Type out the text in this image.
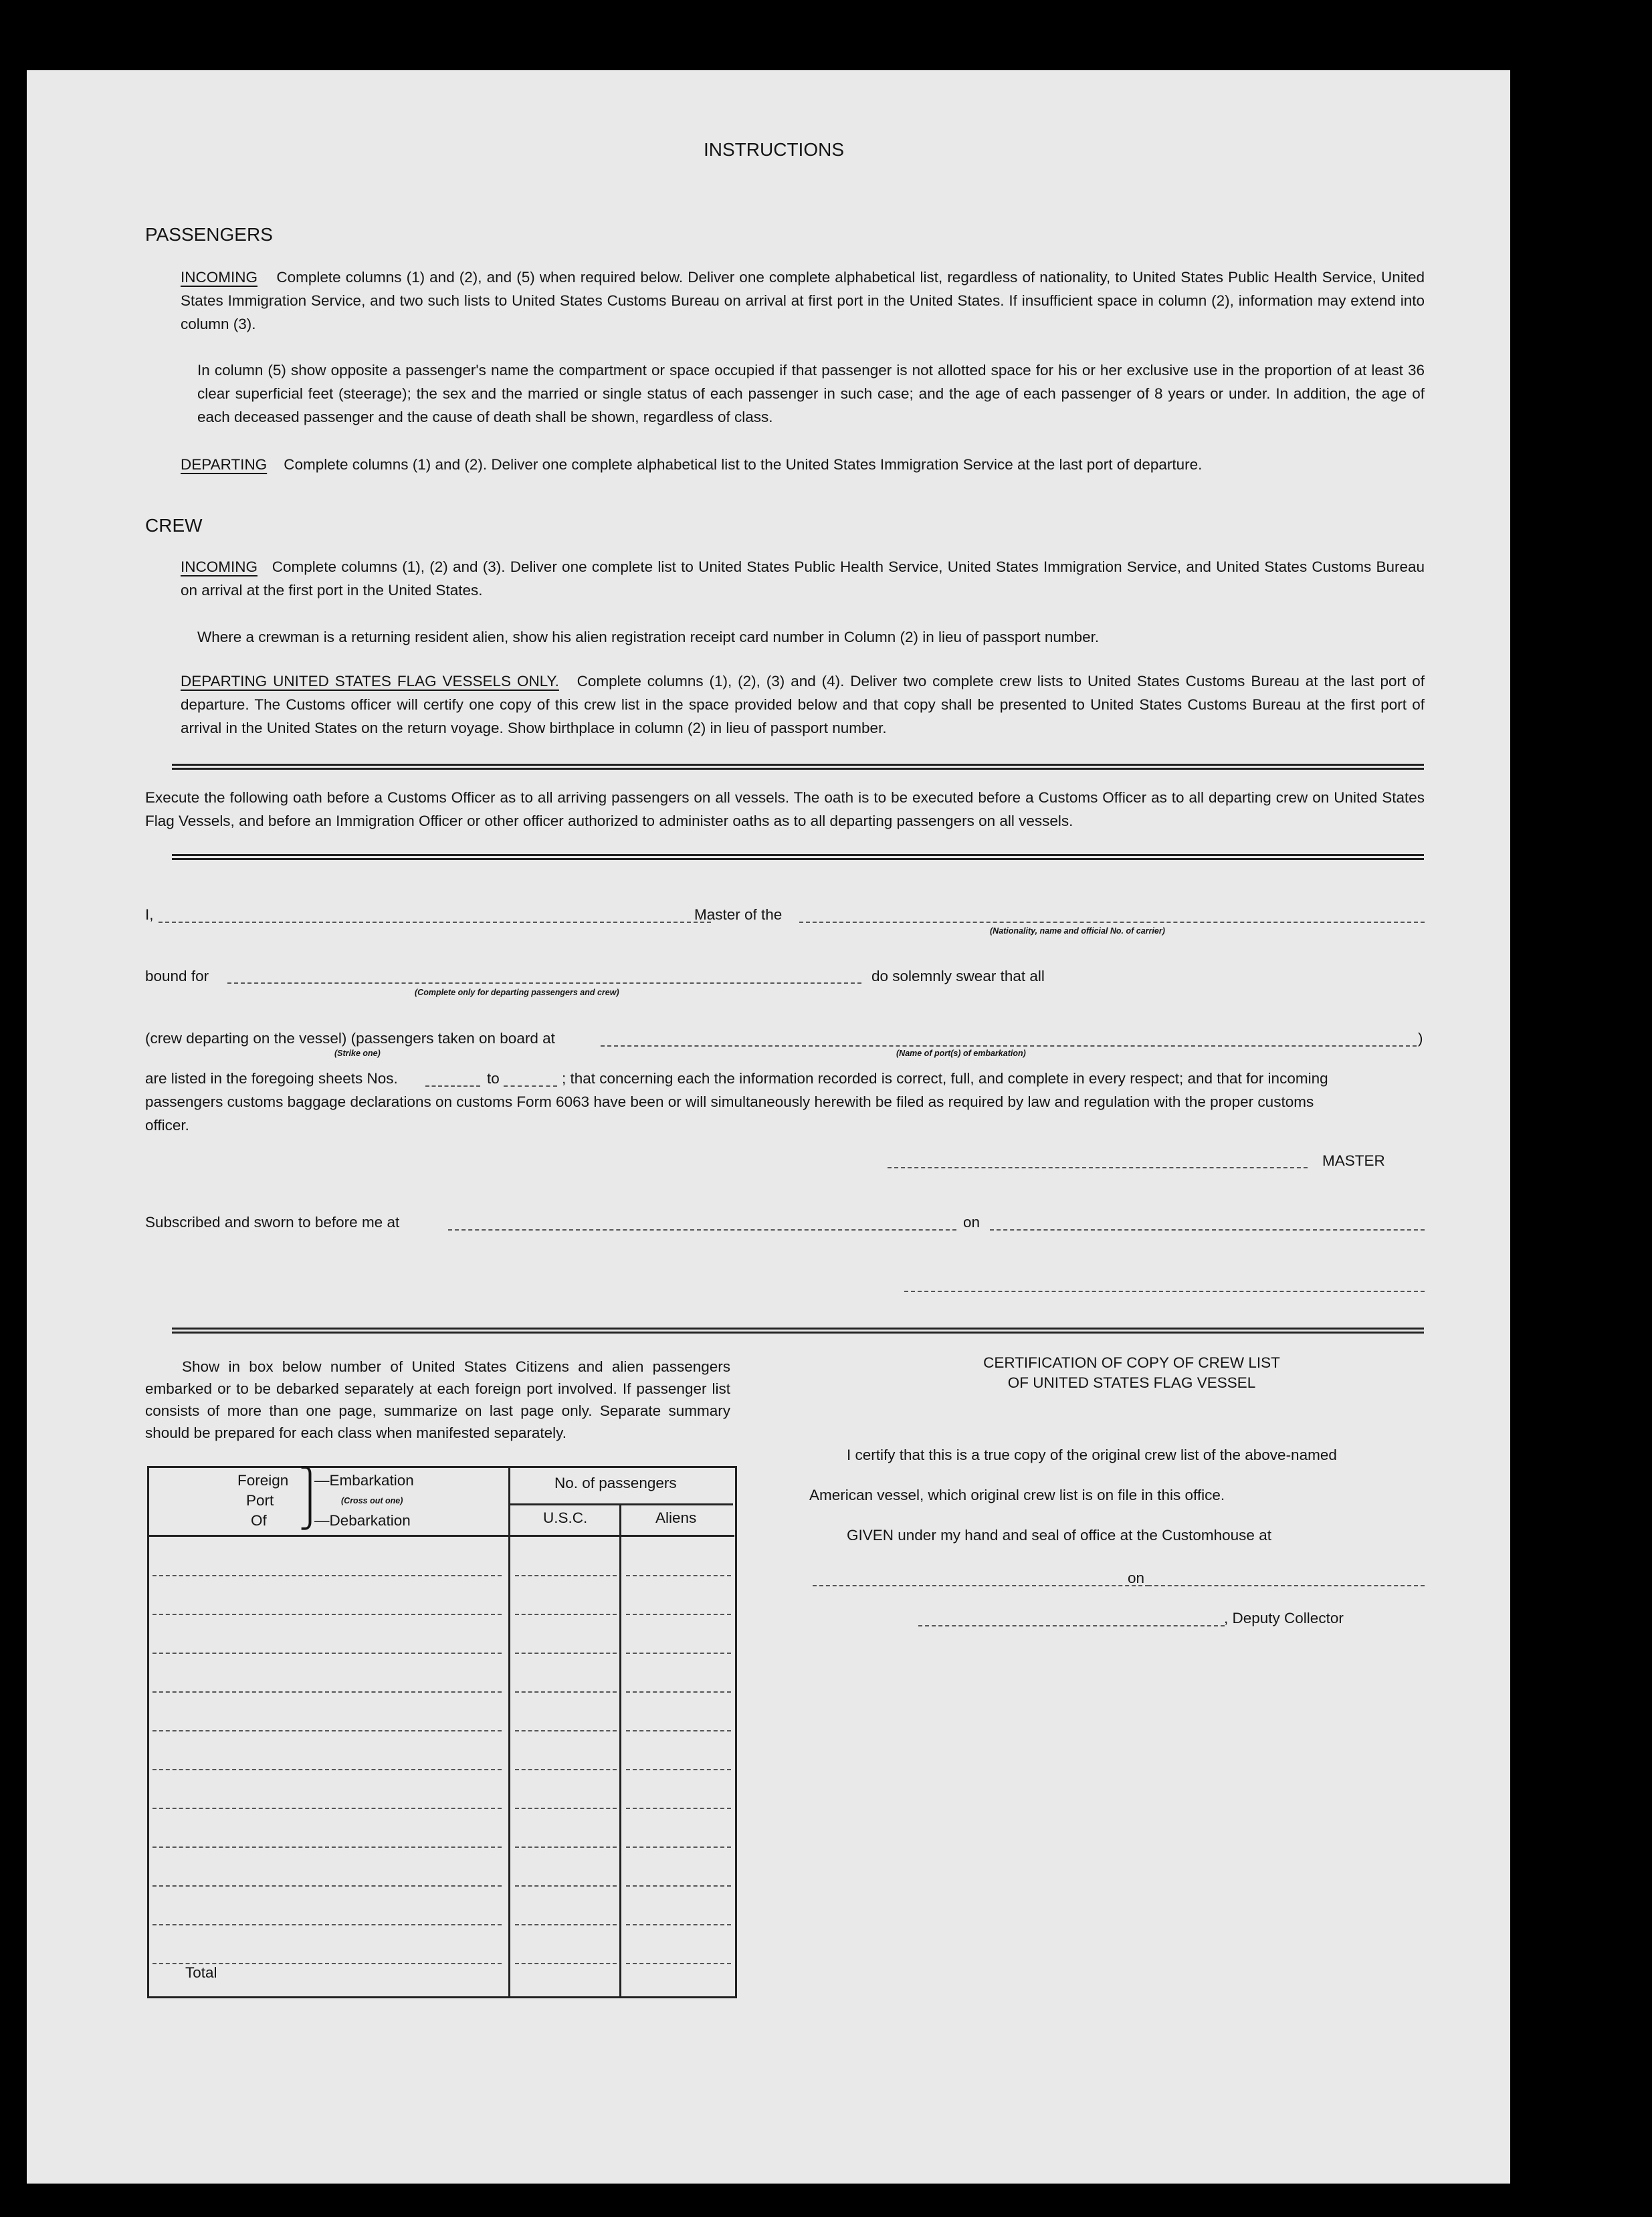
INSTRUCTIONS
PASSENGERS
INCOMING Complete columns (1) and (2), and (5) when required below. Deliver one complete alphabetical list, regardless of nationality, to United States Public Health Service, United States Immigration Service, and two such lists to United States Customs Bureau on arrival at first port in the United States. If insufficient space in column (2), information may extend into column (3).
In column (5) show opposite a passenger's name the compartment or space occupied if that passenger is not allotted space for his or her exclusive use in the proportion of at least 36 clear superficial feet (steerage); the sex and the married or single status of each passenger in such case; and the age of each passenger of 8 years or under. In addition, the age of each deceased passenger and the cause of death shall be shown, regardless of class.
DEPARTING Complete columns (1) and (2). Deliver one complete alphabetical list to the United States Immigration Service at the last port of departure.
CREW
INCOMING Complete columns (1), (2) and (3). Deliver one complete list to United States Public Health Service, United States Immigration Service, and United States Customs Bureau on arrival at the first port in the United States.
Where a crewman is a returning resident alien, show his alien registration receipt card number in Column (2) in lieu of passport number.
DEPARTING UNITED STATES FLAG VESSELS ONLY. Complete columns (1), (2), (3) and (4). Deliver two complete crew lists to United States Customs Bureau at the last port of departure. The Customs officer will certify one copy of this crew list in the space provided below and that copy shall be presented to United States Customs Bureau at the first port of arrival in the United States on the return voyage. Show birthplace in column (2) in lieu of passport number.
Execute the following oath before a Customs Officer as to all arriving passengers on all vessels. The oath is to be executed before a Customs Officer as to all departing crew on United States Flag Vessels, and before an Immigration Officer or other officer authorized to administer oaths as to all departing passengers on all vessels.
I,	Master of the
(Nationality, name and official No. of carrier)
bound for
(Complete only for departing passengers and crew)
do solemnly swear that all
(crew departing on the vessel) (passengers taken on board at	)
(Strike one)	(Name of port(s) of embarkation)
are listed in the foregoing sheets Nos.	to	; that concerning each the information recorded is correct, full, and complete in every respect; and that for incoming
passengers customs baggage declarations on customs Form 6063 have been or will simultaneously herewith be filed as required by law and regulation with the proper customs
officer.
MASTER
Subscribed and sworn to before me at	on
Show in box below number of United States Citizens and alien passengers embarked or to be debarked separately at each foreign port involved. If passenger list consists of more than one page, summarize on last page only. Separate summary should be prepared for each class when manifested separately.
Foreign
Port
Of
⎫
⎭
—Embarkation
(Cross out one)
—Debarkation
No. of passengers
U.S.C.	Aliens
Total
CERTIFICATION OF COPY OF CREW LIST
OF UNITED STATES FLAG VESSEL
I certify that this is a true copy of the original crew list of the above-named
American vessel, which original crew list is on file in this office.
GIVEN under my hand and seal of office at the Customhouse at
on
, Deputy Collector
